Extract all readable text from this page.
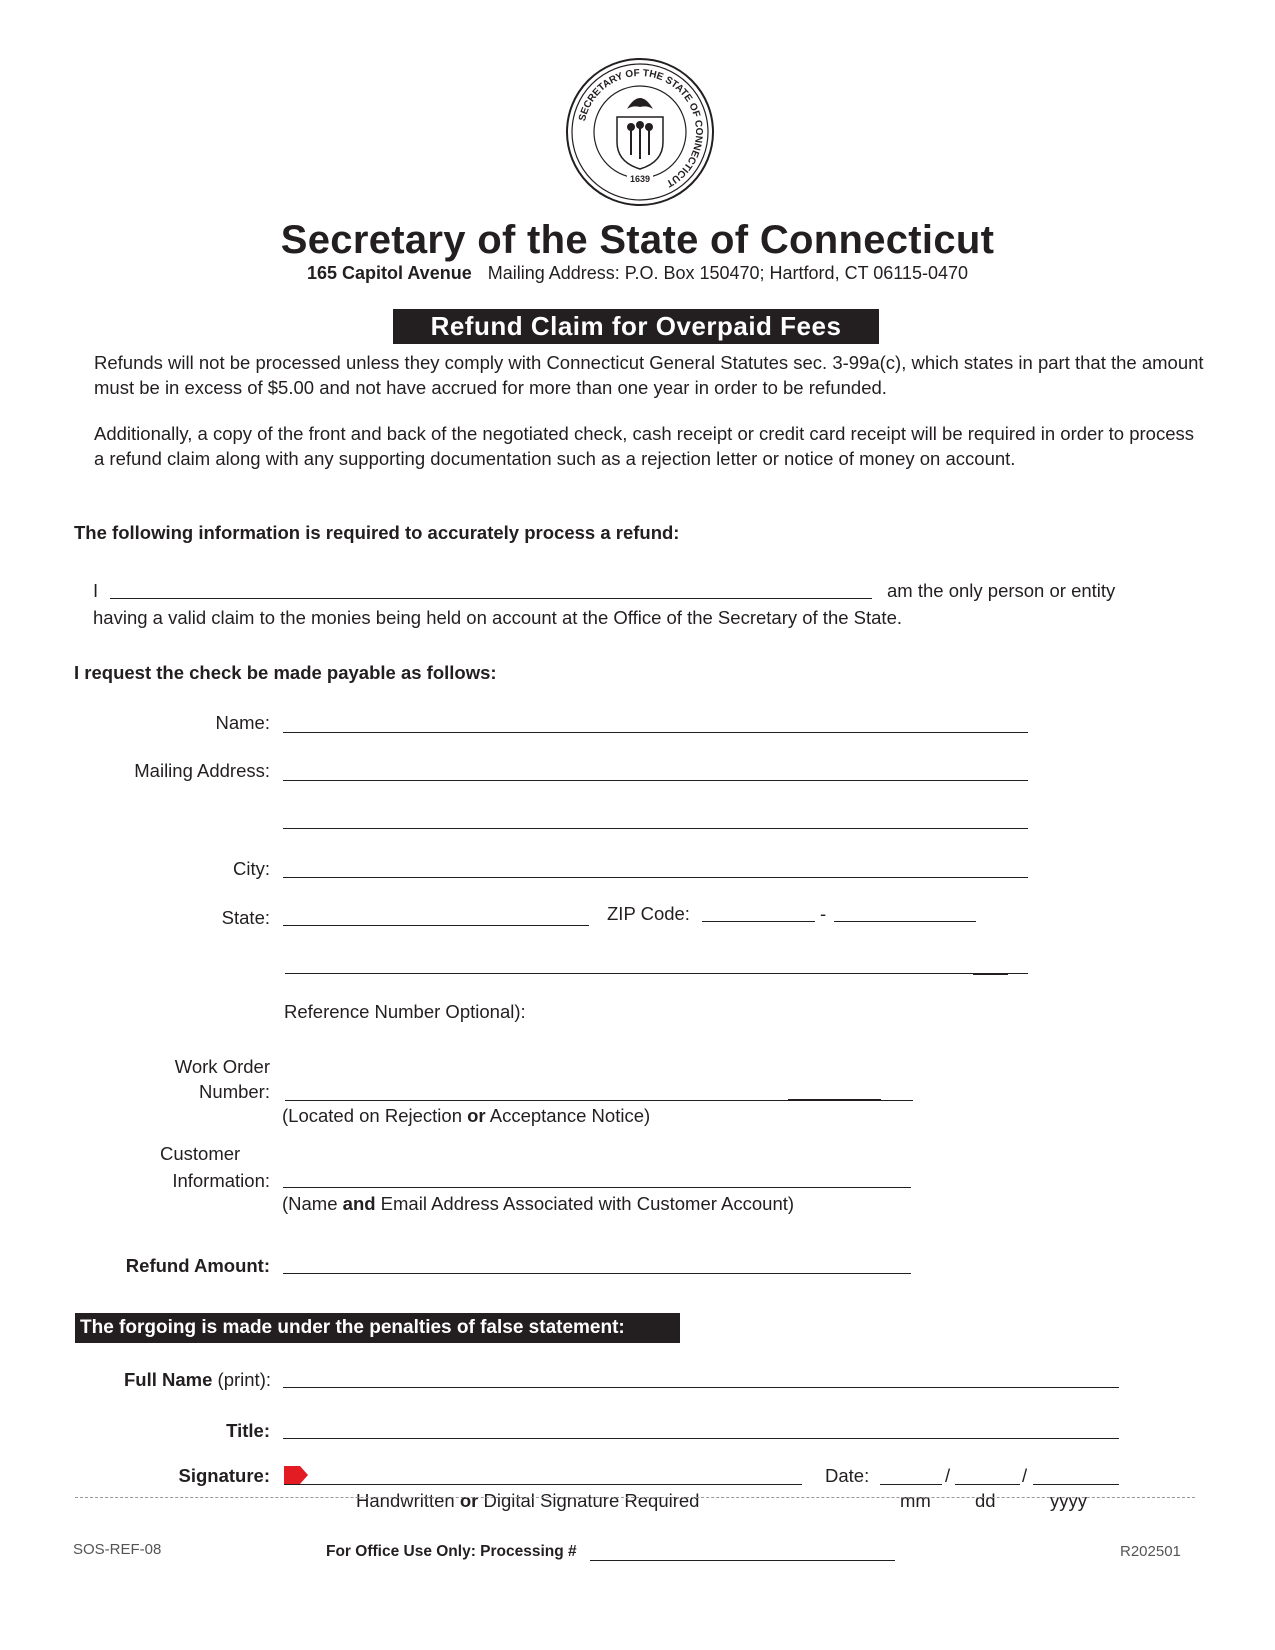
SECRETARY OF THE STATE OF CONNECTICUT
1639
Secretary of the State of Connecticut
165 Capitol Avenue Mailing Address: P.O. Box 150470; Hartford, CT 06115-0470
Refund Claim for Overpaid Fees
Refunds will not be processed unless they comply with Connecticut General Statutes sec. 3-99a(c), which states in part that the amount must be in excess of $5.00 and not have accrued for more than one year in order to be refunded.
Additionally, a copy of the front and back of the negotiated check, cash receipt or credit card receipt will be required in order to process a refund claim along with any supporting documentation such as a rejection letter or notice of money on account.
The following information is required to accurately process a refund:
I	am the only person or entity
having a valid claim to the monies being held on account at the Office of the Secretary of the State.
I request the check be made payable as follows:
Name:
Mailing Address:
City:
State:	ZIP Code:	-
Reference Number Optional):
Work Order
Number:
(Located on Rejection or Acceptance Notice)
Customer
Information:
(Name and Email Address Associated with Customer Account)
Refund Amount:
The forgoing is made under the penalties of false statement:
Full Name (print):
Title:
Signature:	Date:	/	/
Handwritten or Digital Signature Required	mm dd	yyyy
SOS-REF-08	For Office Use Only: Processing #	R202501
